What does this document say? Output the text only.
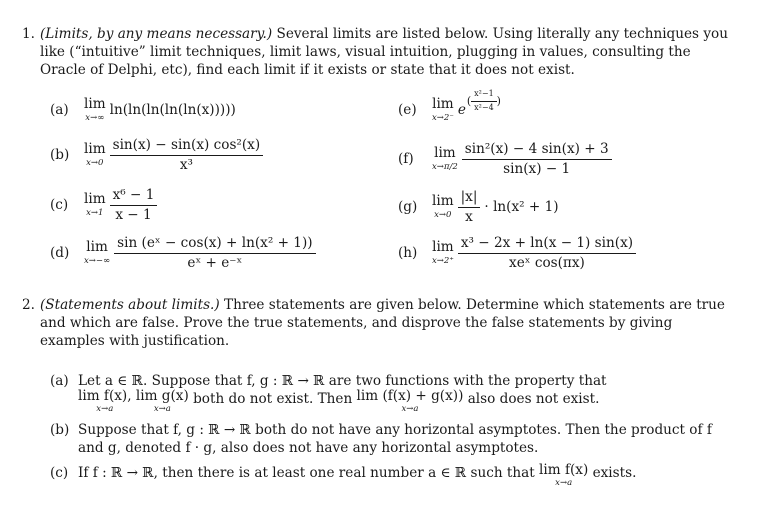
1. (Limits, by any means necessary.) Several limits are listed below. Using literally any techniques you like (“intuitive” limit techniques, limit laws, visual intuition, plugging in values, consulting the Oracle of Delphi, etc), find each limit if it exists or state that it does not exist.
(a)	lim
x→∞ ln(ln(ln(ln(ln(x)))))
(b)	lim
$x\to 0 \frac{\text{sin(x) − sin(x) cos²(x)}}{\text{x³}}$
(c)	lim
$x\to 1 \frac{\text{x⁶ − 1}}{x - 1}$
(d)	lim
$x\to-\infty \frac{\text{sin (eˣ − cos(x) + ln(x² + 1))}}{\text{eˣ + e⁻ˣ}}$
(e)	lim
x→2⁻ e
( $\frac{\text{x²−1}}{\text{x²−4}}$ )
(f)	lim
$x\to\pi/2 \frac{\text{sin²(x) − 4 sin(x) + 3}}{\sin(x) - 1}$
(g)	lim
$x\to 0 \frac{|x|}{x} \cdot \ln(x^2 + 1)$
(h)	lim
$x\to 2^+ \frac{\text{x³ − 2x + ln(x − 1) sin(x)}}{\text{xeˣ cos(πx)}}$
2. (Statements about limits.) Three statements are given below. Determine which statements are true and which are false. Prove the true statements, and disprove the false statements by giving examples with justification.
(a) Let a ∈ ℝ. Suppose that f, g : ℝ → ℝ are two functions with the property that
lim f(x),
x→a

lim g(x)
x→a
both do not exist. Then lim (f(x) + g(x))
x→a
also does not exist.
(b) Suppose that f, g : ℝ → ℝ both do not have any horizontal asymptotes. Then the product of f and g, denoted f · g, also does not have any horizontal asymptotes.
(c) If f : ℝ → ℝ, then there is at least one real number a ∈ ℝ such that lim f(x)
x→a
exists.
